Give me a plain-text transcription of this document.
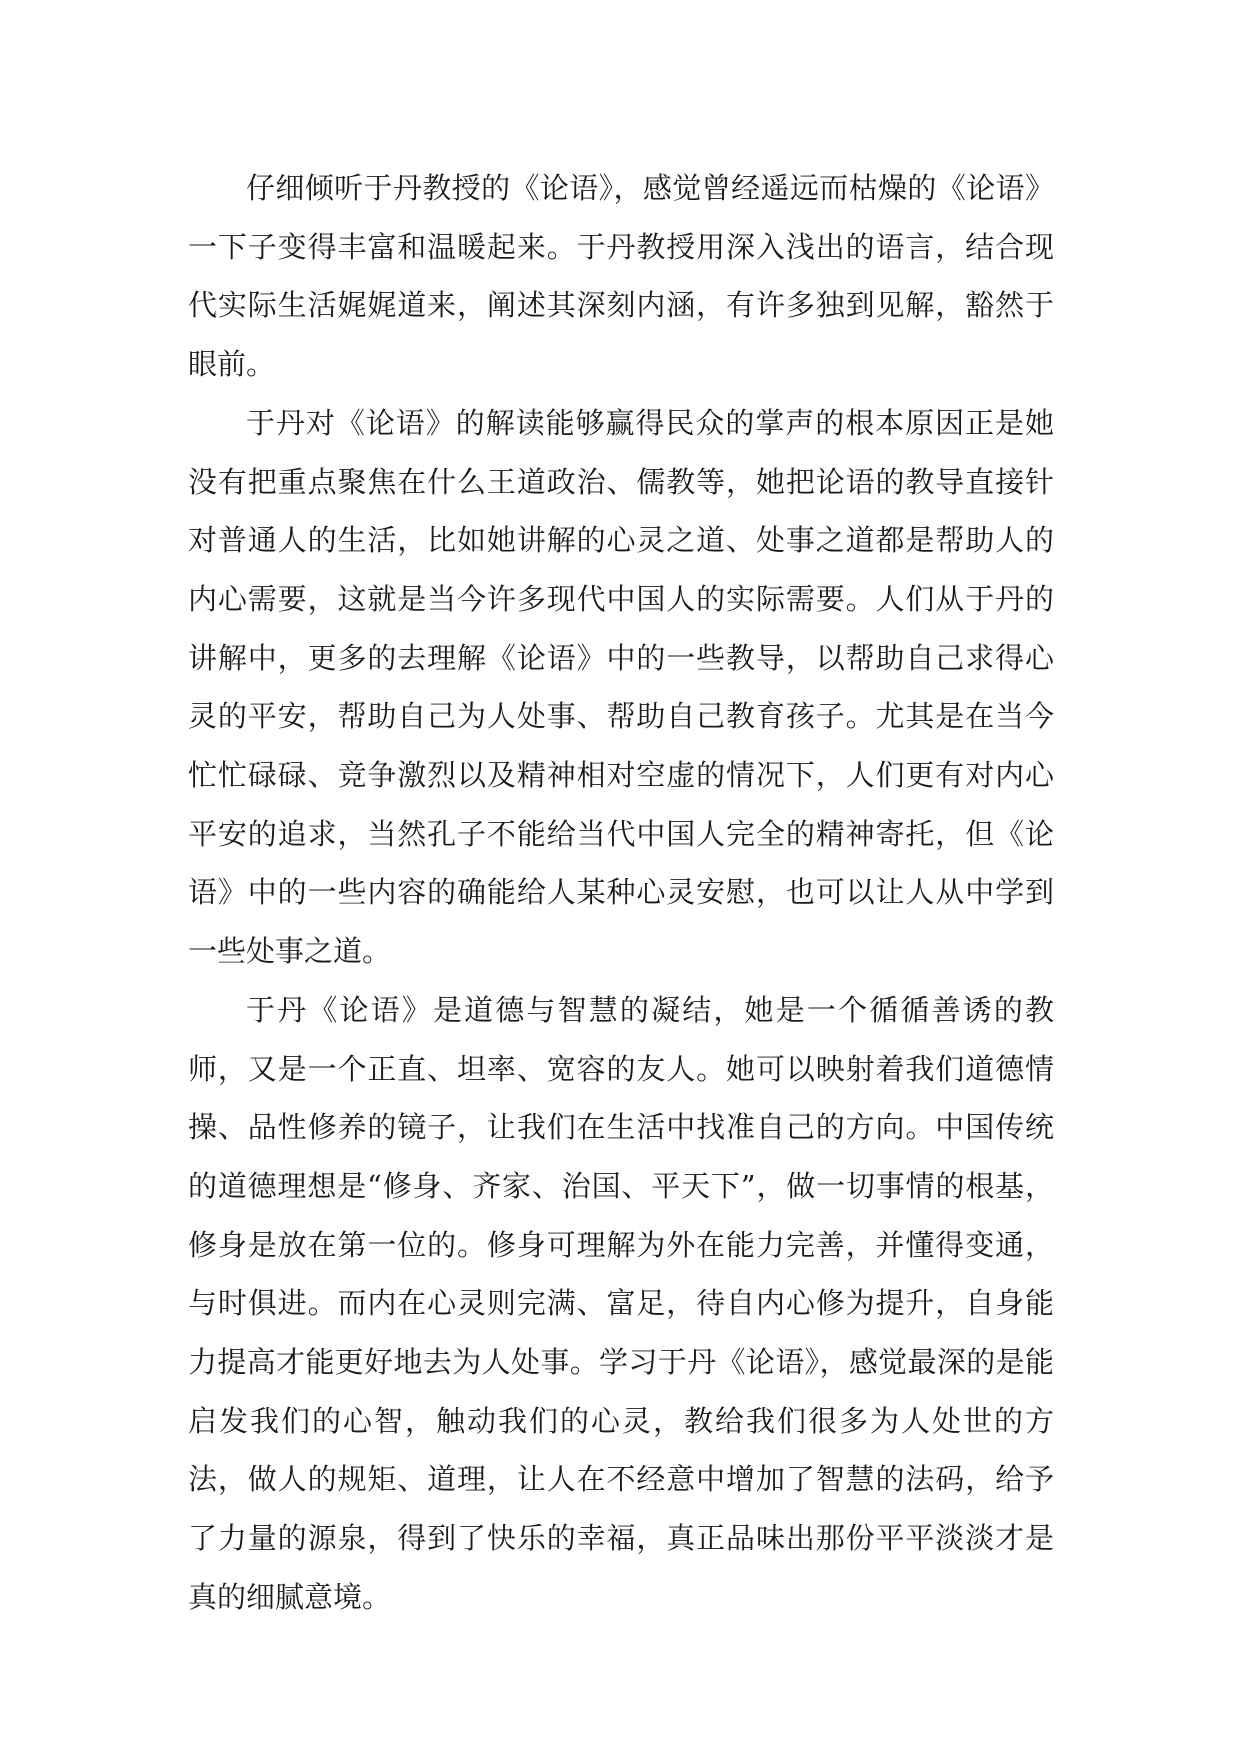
仔细倾听于丹教授的《论语》，感觉曾经遥远而枯燥的《论语》一下子变得丰富和温暖起来。于丹教授用深入浅出的语言，结合现代实际生活娓娓道来，阐述其深刻内涵，有许多独到见解，豁然于眼前。

于丹对《论语》的解读能够赢得民众的掌声的根本原因正是她没有把重点聚焦在什么王道政治、儒教等，她把论语的教导直接针对普通人的生活，比如她讲解的心灵之道、处事之道都是帮助人的内心需要，这就是当今许多现代中国人的实际需要。人们从于丹的讲解中，更多的去理解《论语》中的一些教导，以帮助自己求得心灵的平安，帮助自己为人处事、帮助自己教育孩子。尤其是在当今忙忙碌碌、竞争激烈以及精神相对空虚的情况下，人们更有对内心平安的追求，当然孔子不能给当代中国人完全的精神寄托，但《论语》中的一些内容的确能给人某种心灵安慰，也可以让人从中学到一些处事之道。

于丹《论语》是道德与智慧的凝结，她是一个循循善诱的教师，又是一个正直、坦率、宽容的友人。她可以映射着我们道德情操、品性修养的镜子，让我们在生活中找准自己的方向。中国传统的道德理想是“修身、齐家、治国、平天下”，做一切事情的根基，修身是放在第一位的。修身可理解为外在能力完善，并懂得变通，与时俱进。而内在心灵则完满、富足，待自内心修为提升，自身能力提高才能更好地去为人处事。学习于丹《论语》，感觉最深的是能启发我们的心智，触动我们的心灵，教给我们很多为人处世的方法，做人的规矩、道理，让人在不经意中增加了智慧的法码，给予了力量的源泉，得到了快乐的幸福，真正品味出那份平平淡淡才是真的细腻意境。
